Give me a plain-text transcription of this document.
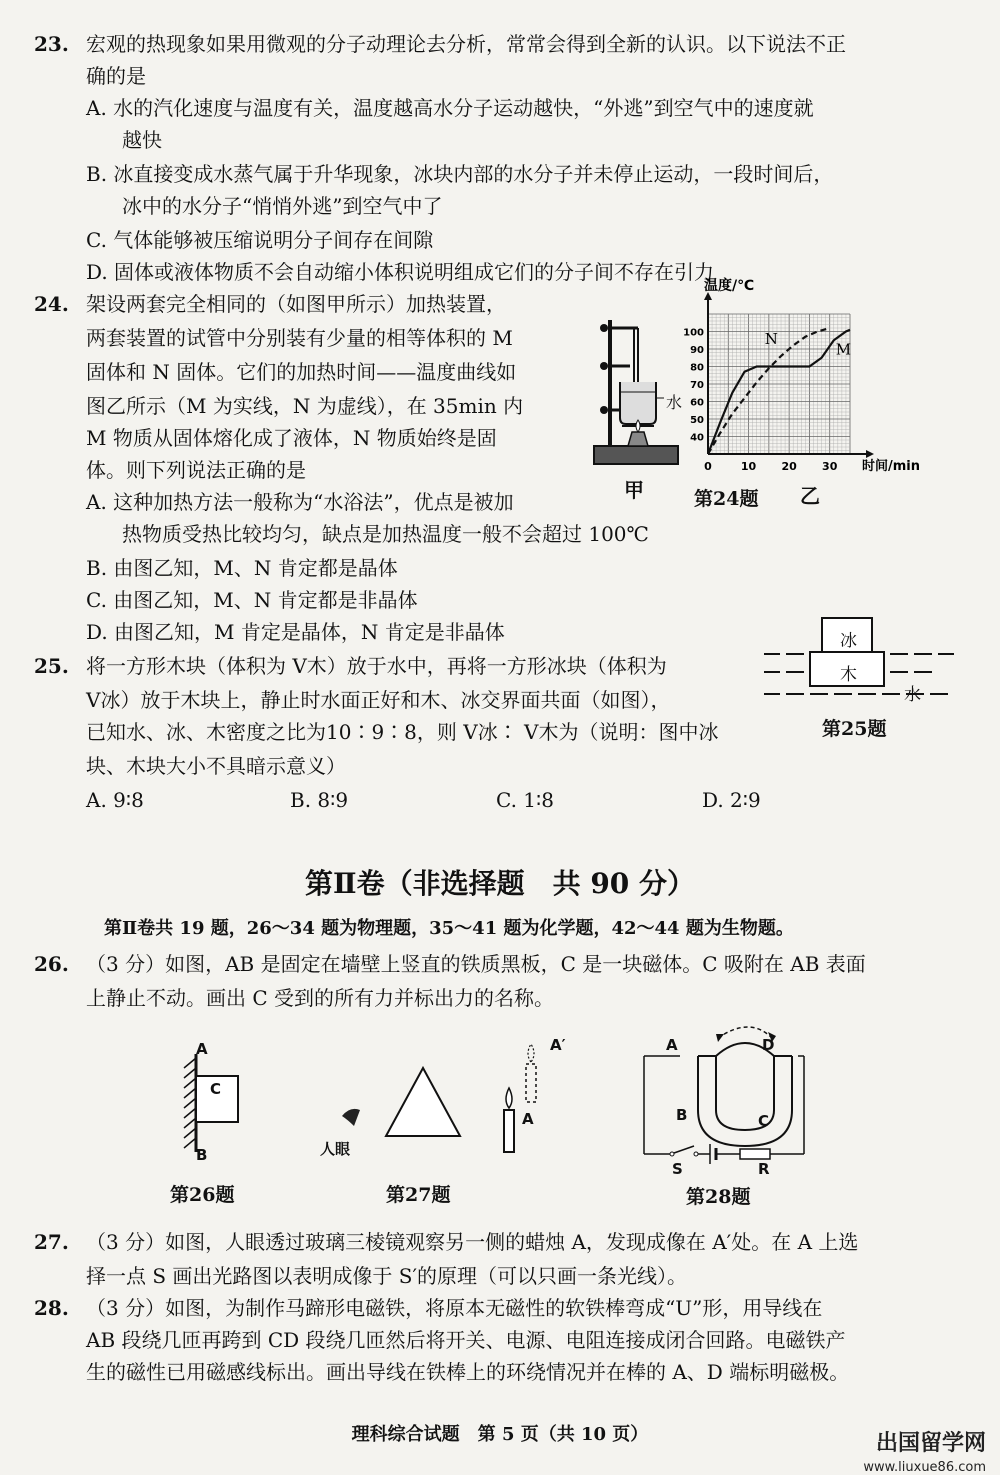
23. 宏观的热现象如果用微观的分子动理论去分析，常常会得到全新的认识。以下说法不正
确的是
A. 水的汽化速度与温度有关，温度越高水分子运动越快，“外逃”到空气中的速度就
越快
B. 冰直接变成水蒸气属于升华现象，冰块内部的水分子并未停止运动，一段时间后，
冰中的水分子“悄悄外逃”到空气中了
C. 气体能够被压缩说明分子间存在间隙
D. 固体或液体物质不会自动缩小体积说明组成它们的分子间不存在引力
24. 架设两套完全相同的（如图甲所示）加热装置，
两套装置的试管中分别装有少量的相等体积的 M
固体和 N 固体。它们的加热时间——温度曲线如
图乙所示（M 为实线，N 为虚线），在 35min 内
M 物质从固体熔化成了液体，N 物质始终是固
体。则下列说法正确的是
A. 这种加热方法一般称为“水浴法”，优点是被加
热物质受热比较均匀，缺点是加热温度一般不会超过 100℃
B. 由图乙知，M、N 肯定都是晶体
C. 由图乙知，M、N 肯定都是非晶体
D. 由图乙知，M 肯定是晶体，N 肯定是非晶体
水
甲
0	10 20 30
40
50
60
70
80
90
100
温度/℃
时间/min
M
N
第24题 乙
25. 将一方形木块（体积为 V木）放于水中，再将一方形冰块（体积为
V冰）放于木块上，静止时水面正好和木、冰交界面共面（如图），
已知水、冰、木密度之比为10∶9∶8，则 V冰∶ V木为（说明：图中冰
块、木块大小不具暗示意义）
A. 9∶8	B. 8∶9	C. 1∶8	D. 2∶9
冰
木
水
第25题
第Ⅱ卷（非选择题　共 90 分）
第Ⅱ卷共 19 题，26～34 题为物理题，35～41 题为化学题，42～44 题为生物题。
26. （3 分）如图，AB 是固定在墙壁上竖直的铁质黑板，C 是一块磁体。C 吸附在 AB 表面
上静止不动。画出 C 受到的所有力并标出力的名称。
A
B
C
第26题
人眼
A
A′
第27题
A	D
B	C
S	R
第28题
27. （3 分）如图，人眼透过玻璃三棱镜观察另一侧的蜡烛 A，发现成像在 A′处。在 A 上选
择一点 S 画出光路图以表明成像于 S′的原理（可以只画一条光线）。
28. （3 分）如图，为制作马蹄形电磁铁，将原本无磁性的软铁棒弯成“U”形，用导线在
AB 段绕几匝再跨到 CD 段绕几匝然后将开关、电源、电阻连接成闭合回路。电磁铁产
生的磁性已用磁感线标出。画出导线在铁棒上的环绕情况并在棒的 A、D 端标明磁极。
理科综合试题　第 5 页（共 10 页）	出国留学网
www.liuxue86.com
